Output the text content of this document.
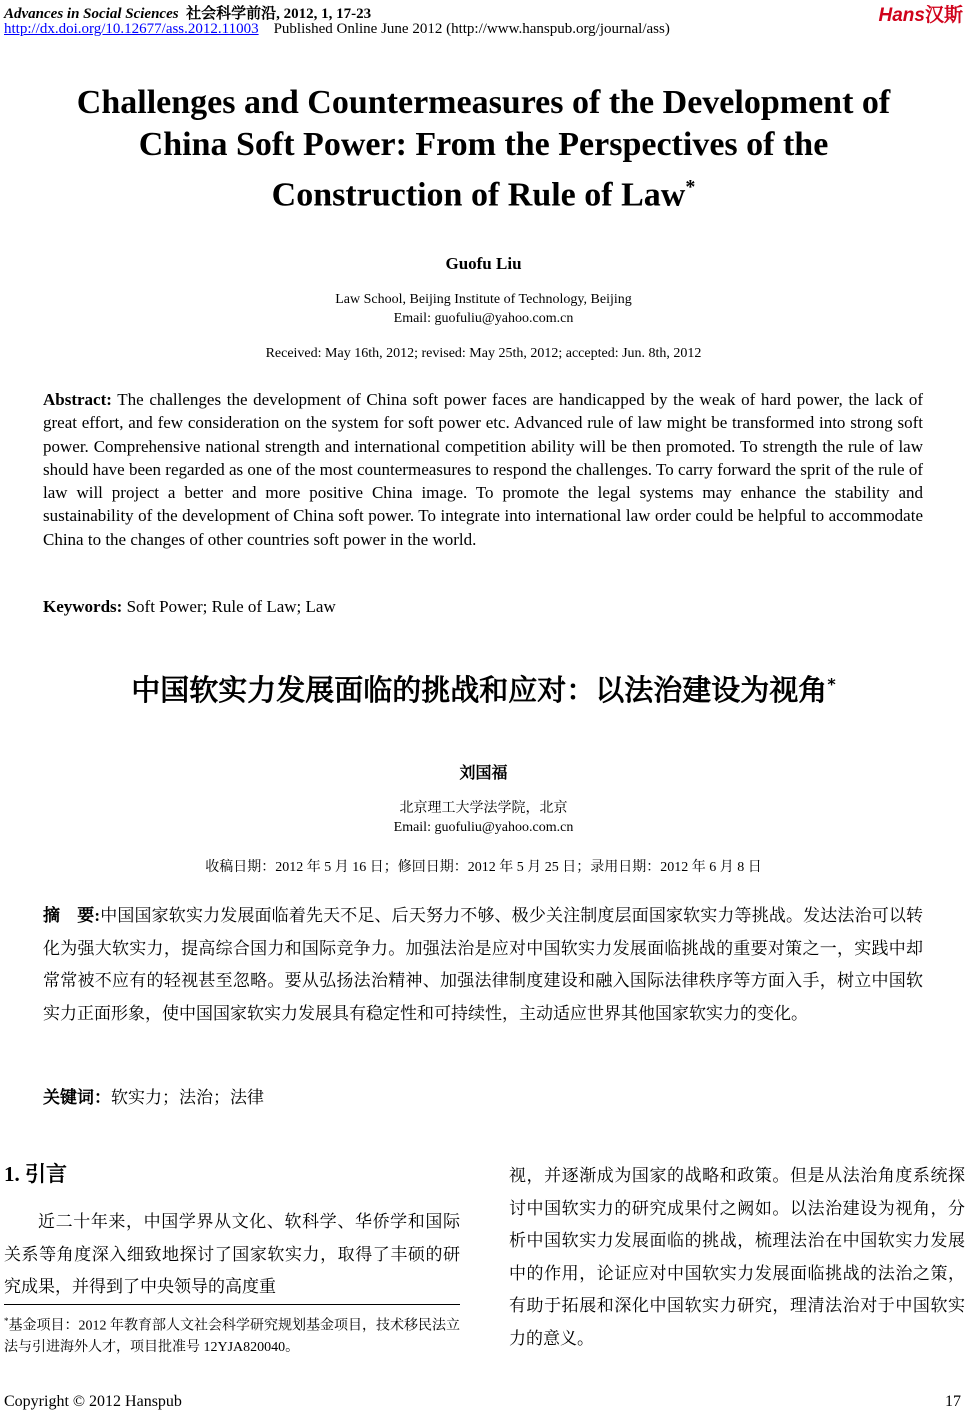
Advances in Social Sciences 社会科学前沿, 2012, 1, 17-23
http://dx.doi.org/10.12677/ass.2012.11003 Published Online June 2012 (http://www.hanspub.org/journal/ass)
Hans汉斯
Challenges and Countermeasures of the Development of China Soft Power: From the Perspectives of the Construction of Rule of Law*
Guofu Liu
Law School, Beijing Institute of Technology, Beijing
Email: guofuliu@yahoo.com.cn
Received: May 16th, 2012; revised: May 25th, 2012; accepted: Jun. 8th, 2012
Abstract: The challenges the development of China soft power faces are handicapped by the weak of hard power, the lack of great effort, and few consideration on the system for soft power etc. Advanced rule of law might be transformed into strong soft power. Comprehensive national strength and international competition ability will be then promoted. To strength the rule of law should have been regarded as one of the most countermeasures to respond the challenges. To carry forward the sprit of the rule of law will project a better and more positive China image. To promote the legal systems may enhance the stability and sustainability of the development of China soft power. To integrate into international law order could be helpful to accommodate China to the changes of other countries soft power in the world.
Keywords: Soft Power; Rule of Law; Law
中国软实力发展面临的挑战和应对：以法治建设为视角*
刘国福
北京理工大学法学院，北京
Email: guofuliu@yahoo.com.cn
收稿日期：2012 年 5 月 16 日；修回日期：2012 年 5 月 25 日；录用日期：2012 年 6 月 8 日
摘　要:中国国家软实力发展面临着先天不足、后天努力不够、极少关注制度层面国家软实力等挑战。发达法治可以转化为强大软实力，提高综合国力和国际竞争力。加强法治是应对中国软实力发展面临挑战的重要对策之一，实践中却常常被不应有的轻视甚至忽略。要从弘扬法治精神、加强法律制度建设和融入国际法律秩序等方面入手，树立中国软实力正面形象，使中国国家软实力发展具有稳定性和可持续性，主动适应世界其他国家软实力的变化。
关键词：软实力；法治；法律
1. 引言
近二十年来，中国学界从文化、软科学、华侨学和国际关系等角度深入细致地探讨了国家软实力，取得了丰硕的研究成果，并得到了中央领导的高度重
视，并逐渐成为国家的战略和政策。但是从法治角度系统探讨中国软实力的研究成果付之阙如。以法治建设为视角，分析中国软实力发展面临的挑战，梳理法治在中国软实力发展中的作用，论证应对中国软实力发展面临挑战的法治之策，有助于拓展和深化中国软实力研究，理清法治对于中国软实力的意义。
*基金项目：2012 年教育部人文社会科学研究规划基金项目，技术移民法立法与引进海外人才，项目批准号 12YJA820040。
Copyright © 2012 Hanspub	17
